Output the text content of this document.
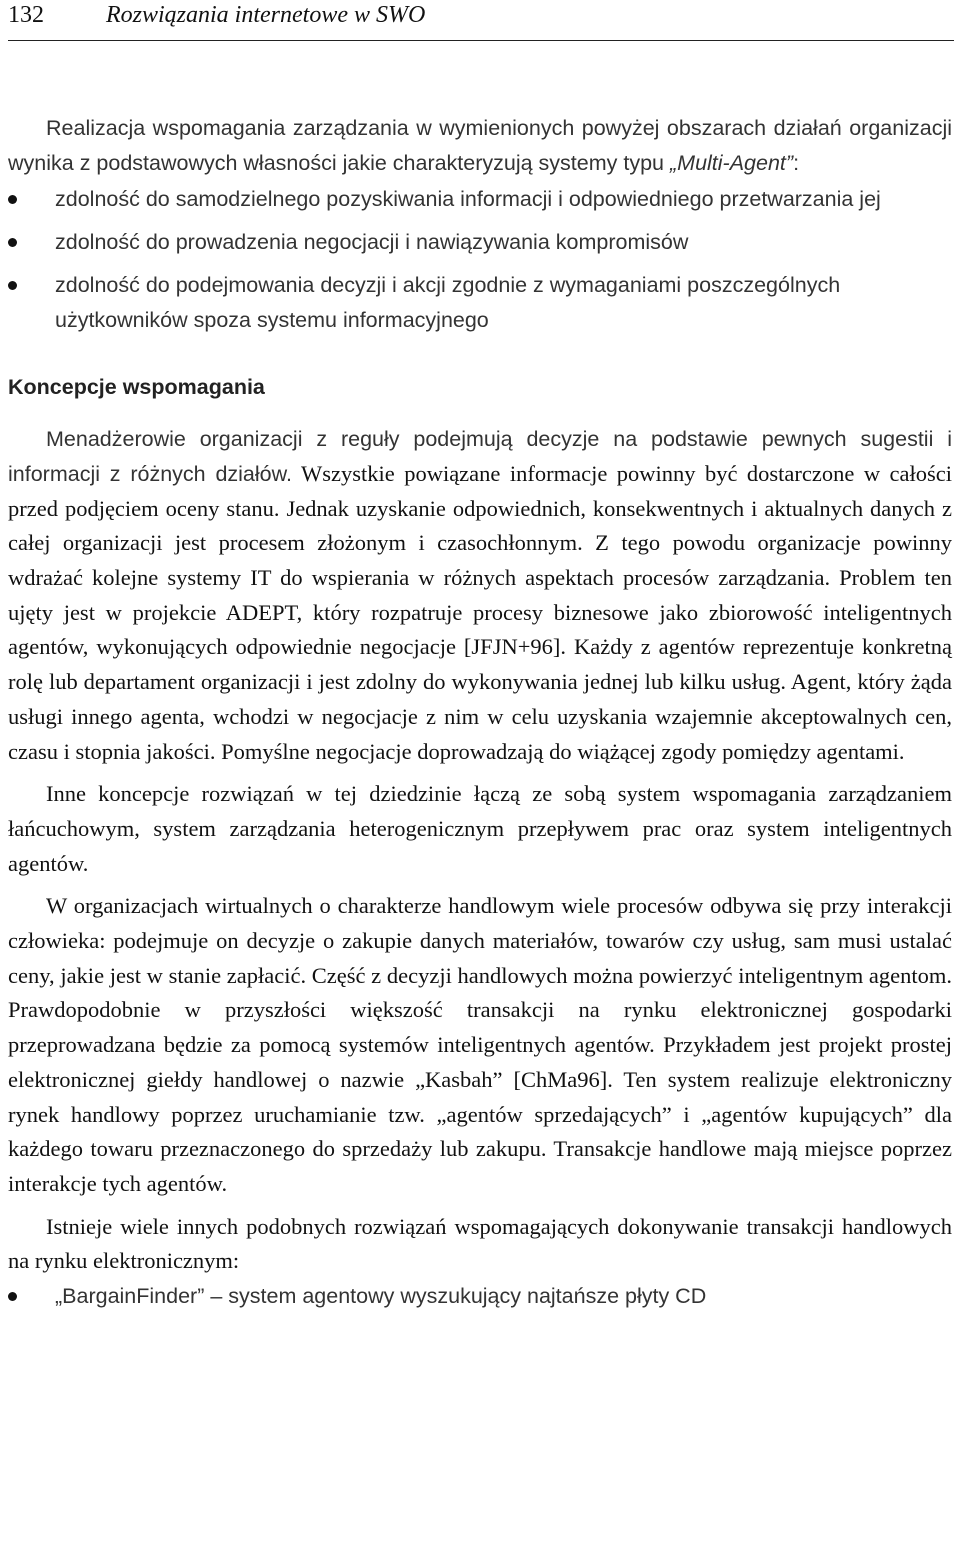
132	Rozwiązania internetowe w SWO

Realizacja wspomagania zarządzania w wymienionych powyżej obszarach działań organizacji wynika z podstawowych własności jakie charakteryzują systemy typu „Multi-Agent”:

zdolność do samodzielnego pozyskiwania informacji i odpowiedniego przetwarzania jej
zdolność do prowadzenia negocjacji i nawiązywania kompromisów
zdolność do podejmowania decyzji i akcji zgodnie z wymaganiami poszczególnych użytkowników spoza systemu informacyjnego
Koncepcje wspomagania

Menadżerowie organizacji z reguły podejmują decyzje na podstawie pewnych sugestii i informacji z różnych działów. Wszystkie powiązane informacje powinny być dostarczone w całości przed podjęciem oceny stanu. Jednak uzyskanie odpowiednich, konsekwentnych i aktualnych danych z całej organizacji jest procesem złożonym i czasochłonnym. Z tego powodu organizacje powinny wdrażać kolejne systemy IT do wspierania w różnych aspektach procesów zarządzania. Problem ten ujęty jest w projekcie ADEPT, który rozpatruje procesy biznesowe jako zbiorowość inteligentnych agentów, wykonujących odpowiednie negocjacje [JFJN+96]. Każdy z agentów reprezentuje konkretną rolę lub departament organizacji i jest zdolny do wykonywania jednej lub kilku usług. Agent, który żąda usługi innego agenta, wchodzi w negocjacje z nim w celu uzyskania wzajemnie akceptowalnych cen, czasu i stopnia jakości. Pomyślne negocjacje doprowadzają do wiążącej zgody pomiędzy agentami.

Inne koncepcje rozwiązań w tej dziedzinie łączą ze sobą system wspomagania zarządzaniem łańcuchowym, system zarządzania heterogenicznym przepływem prac oraz system inteligentnych agentów.

W organizacjach wirtualnych o charakterze handlowym wiele procesów odbywa się przy interakcji człowieka: podejmuje on decyzje o zakupie danych materiałów, towarów czy usług, sam musi ustalać ceny, jakie jest w stanie zapłacić. Część z decyzji handlowych można powierzyć inteligentnym agentom. Prawdopodobnie w przyszłości większość transakcji na rynku elektronicznej gospodarki przeprowadzana będzie za pomocą systemów inteligentnych agentów. Przykładem jest projekt prostej elektronicznej giełdy handlowej o nazwie „Kasbah” [ChMa96]. Ten system realizuje elektroniczny rynek handlowy poprzez uruchamianie tzw. „agentów sprzedających” i „agentów kupujących” dla każdego towaru przeznaczonego do sprzedaży lub zakupu. Transakcje handlowe mają miejsce poprzez interakcje tych agentów.

Istnieje wiele innych podobnych rozwiązań wspomagających dokonywanie transakcji handlowych na rynku elektronicznym:

„BargainFinder” – system agentowy wyszukujący najtańsze płyty CD
